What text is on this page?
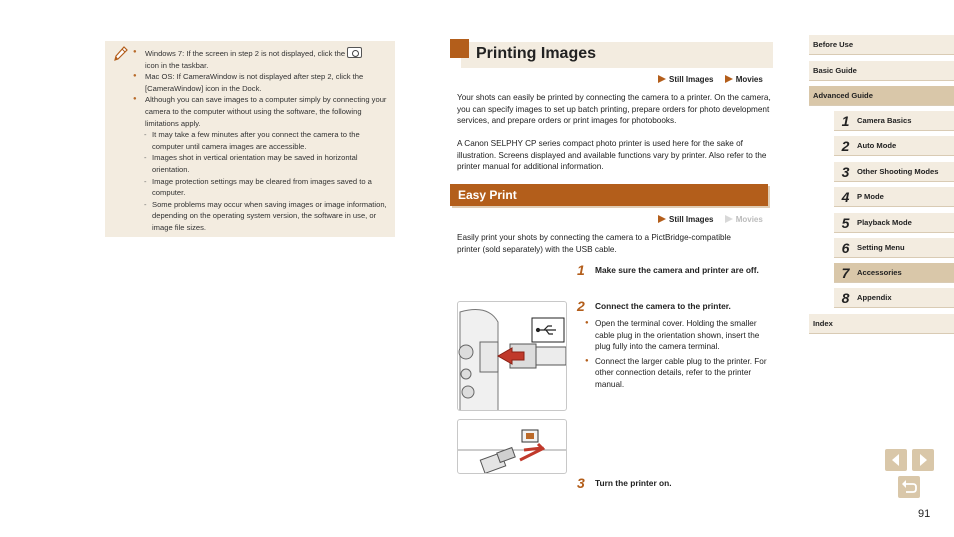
● Windows 7: If the screen in step 2 is not displayed, click the
icon in the taskbar.
● Mac OS: If CameraWindow is not displayed after step 2, click the [CameraWindow] icon in the Dock.
● Although you can save images to a computer simply by connecting your camera to the computer without using the software, the following limitations apply.
- It may take a few minutes after you connect the camera to the computer until camera images are accessible.
- Images shot in vertical orientation may be saved in horizontal orientation.
- Image protection settings may be cleared from images saved to a computer.
- Some problems may occur when saving images or image information, depending on the operating system version, the software in use, or image file sizes.
Printing Images
Still Images	Movies
Your shots can easily be printed by connecting the camera to a printer. On the camera, you can specify images to set up batch printing, prepare orders for photo development services, and prepare orders or print images for photobooks.
A Canon SELPHY CP series compact photo printer is used here for the sake of illustration. Screens displayed and available functions vary by printer. Also refer to the printer manual for additional information.
Easy Print
Still Images	Movies
Easily print your shots by connecting the camera to a PictBridge-compatible printer (sold separately) with the USB cable.
1 Make sure the camera and printer are off.
2 Connect the camera to the printer.
● Open the terminal cover. Holding the smaller cable plug in the orientation shown, insert the plug fully into the camera terminal.
● Connect the larger cable plug to the printer. For other connection details, refer to the printer manual.
3 Turn the printer on.
Before Use
Basic Guide
Advanced Guide
1	Camera Basics
2	Auto Mode
3	Other Shooting Modes
4	P Mode
5	Playback Mode
6	Setting Menu
7	Accessories
8	Appendix
Index
91
